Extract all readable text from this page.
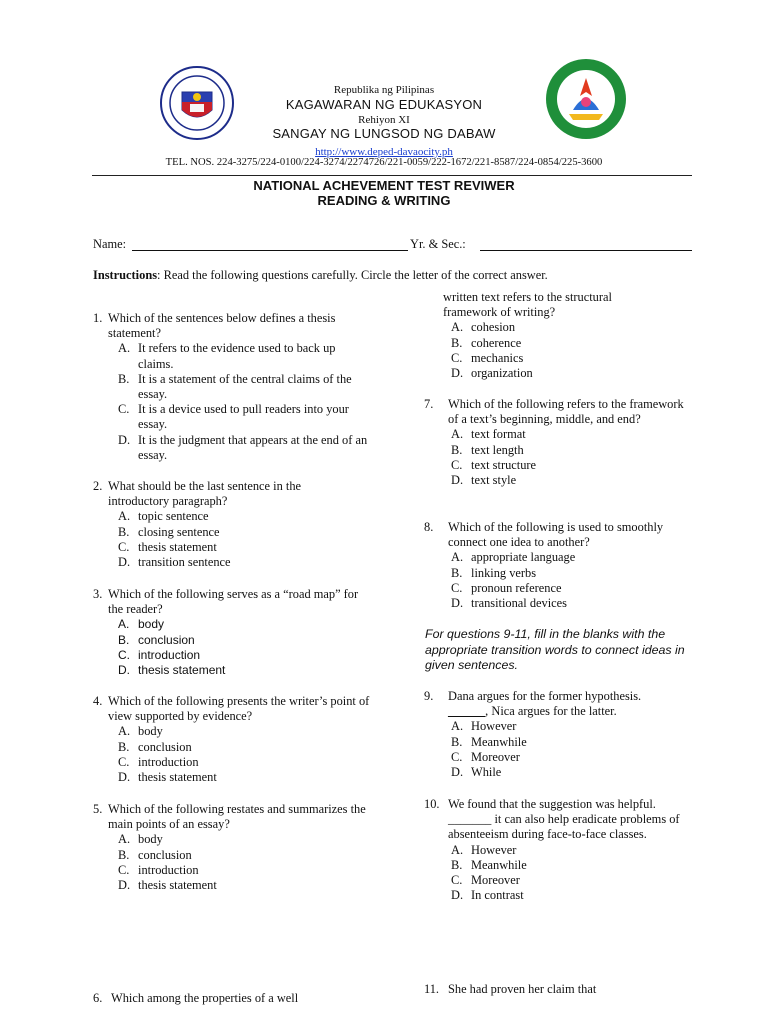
Republika ng Pilipinas
KAGAWARAN NG EDUKASYON
Rehiyon XI
SANGAY NG LUNGSOD NG DABAW
http://www.deped-davaocity.ph
TEL. NOS. 224-3275/224-0100/224-3274/2274726/221-0059/222-1672/221-8587/224-0854/225-3600
NATIONAL ACHEVEMENT TEST REVIWER
READING & WRITING
Name:	Yr. & Sec.:
Instructions: Read the following questions carefully. Circle the letter of the correct answer.
1. Which of the sentences below defines a thesis statement?
A. It refers to the evidence used to back up claims.
B. It is a statement of the central claims of the essay.
C. It is a device used to pull readers into your essay.
D. It is the judgment that appears at the end of an essay.
2. What should be the last sentence in the introductory paragraph?
A. topic sentence
B. closing sentence
C. thesis statement
D. transition sentence
3. Which of the following serves as a “road map” for the reader?
A. body
B. conclusion
C. introduction
D. thesis statement
4. Which of the following presents the writer’s point of view supported by evidence?
A. body
B. conclusion
C. introduction
D. thesis statement
5. Which of the following restates and summarizes the main points of an essay?
A. body
B. conclusion
C. introduction
D. thesis statement
6. Which among the properties of a well
written text refers to the structural framework of writing?
A. cohesion
B. coherence
C. mechanics
D. organization
7.	Which of the following refers to the framework of a text’s beginning, middle, and end?
A. text format
B. text length
C. text structure
D. text style
8.	Which of the following is used to smoothly connect one idea to another?
A. appropriate language
B. linking verbs
C. pronoun reference
D. transitional devices
For questions 9-11, fill in the blanks with the appropriate transition words to connect ideas in given sentences.
9.	Dana argues for the former hypothesis. ______, Nica argues for the latter.
A. However
B. Meanwhile
C. Moreover
D. While
10. We found that the suggestion was helpful. _______ it can also help eradicate problems of absenteeism during face-to-face classes.
A. However
B. Meanwhile
C. Moreover
D. In contrast
11. She had proven her claim that
